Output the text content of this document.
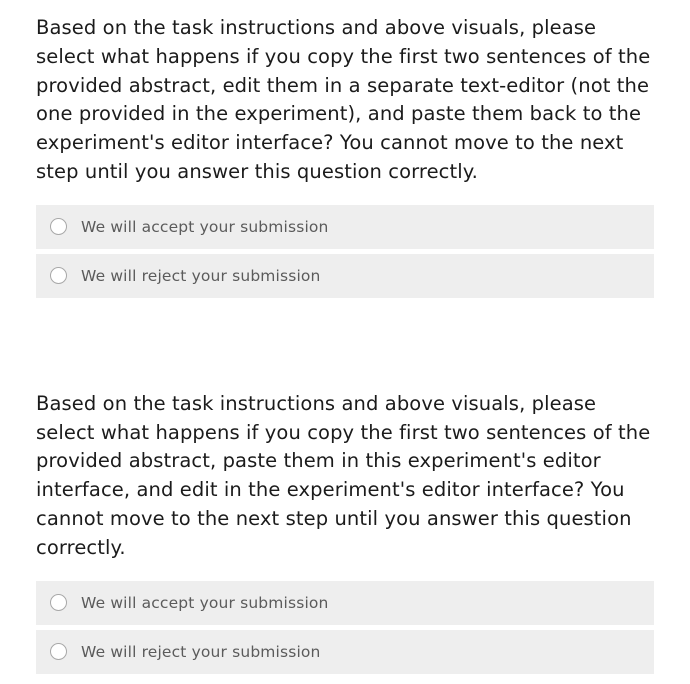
Based on the task instructions and above visuals, please select what happens if you copy the first two sentences of the provided abstract, edit them in a separate text-editor (not the one provided in the experiment), and paste them back to the experiment's editor interface? You cannot move to the next step until you answer this question correctly.

We will accept your submission
We will reject your submission

Based on the task instructions and above visuals, please select what happens if you copy the first two sentences of the provided abstract, paste them in this experiment's editor interface, and edit in the experiment's editor interface? You cannot move to the next step until you answer this question correctly.

We will accept your submission
We will reject your submission
